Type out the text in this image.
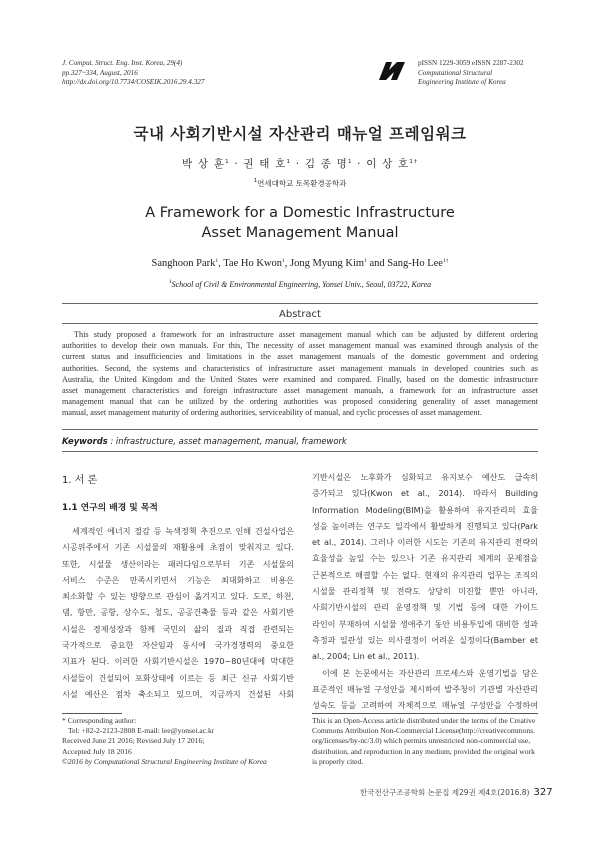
J. Comput. Struct. Eng. Inst. Korea, 29(4)
pp.327~334, August, 2016
http://dx.doi.org/10.7734/COSEIK.2016.29.4.327
pISSN 1229-3059 eISSN 2287-2302
Computational Structural
Engineering Institute of Korea
국내 사회기반시설 자산관리 매뉴얼 프레임워크
박 상 훈$^1$ · 권 태 호$^1$ · 김 종 명$^1$ · 이 상 호$^{1\dagger}$
$^1$연세대학교 토목환경공학과
A Framework for a Domestic Infrastructure
Asset Management Manual
Sanghoon Park$^1$, Tae Ho Kwon$^1$, Jong Myung Kim$^1$ and Sang-Ho Lee$^{1\dagger}$
$^1$School of Civil & Environmental Engineering, Yonsei Univ., Seoul, 03722, Korea
Abstract
This study proposed a framework for an infrastructure asset management manual which can be adjusted by different ordering
authorities to develop their own manuals. For this, The necessity of asset management manual was examined through analysis of the
current status and insufficiencies and limitations in the asset management manuals of the domestic government and ordering
authorities. Second, the systems and characteristics of infrastructure asset management manuals in developed countries such as
Australia, the United Kingdom and the United States were examined and compared. Finally, based on the domestic infrastructure
asset management characteristics and foreign infrastructure asset management manuals, a framework for an infrastructure asset
management manual that can be utilized by the ordering authorities was proposed considering generality of asset management
manual, asset management maturity of ordering authorities, serviceability of manual, and cyclic processes of asset management.
Keywords : infrastructure, asset management, manual, framework
1. 서 론
1.1 연구의 배경 및 목적
세계적인 에너지 절감 등 녹색정책 추진으로 인해 건설사업은
시공위주에서 기존 시설물의 재활용에 초점이 맞춰지고 있다.
또한, 시설물 생산이라는 패러다임으로부터 기존 시설물의
서비스 수준은 만족시키면서 기능은 최대화하고 비용은
최소화할 수 있는 방향으로 관심이 옮겨지고 있다. 도로, 하천,
댐, 항만, 공항, 상수도, 철도, 공공건축물 등과 같은 사회기반
시설은 경제성장과 함께 국민의 삶의 질과 직접 관련되는
국가적으로 중요한 자산임과 동시에 국가경쟁력의 중요한
지표가 된다. 이러한 사회기반시설은 1970~80년대에 막대한
시설들이 건설되어 포화상태에 이르는 등 최근 신규 사회기반
시설 예산은 점차 축소되고 있으며, 지금까지 건설된 사회
기반시설은 노후화가 심화되고 유지보수 예산도 급속히
증가되고 있다(Kwon et al., 2014). 따라서 Building
Information Modeling(BIM)을 활용하여 유지관리의 효율
성을 높이려는 연구도 일각에서 활발하게 진행되고 있다(Park
et al., 2014). 그러나 이러한 시도는 기존의 유지관리 전략의
효율성을 높일 수는 있으나 기존 유지관리 체계의 문제점을
근본적으로 해결할 수는 없다. 현재의 유지관리 업무는 조직의
시설물 관리정책 및 전략도 상당히 미진할 뿐만 아니라,
사회기반시설의 관리 운영정책 및 기법 등에 대한 가이드
라인이 부재하여 시설물 생애주기 동안 비용투입에 대비한 성과
측정과 일관성 있는 의사결정이 어려운 실정이다(Bamber et
al., 2004; Lin et al., 2011).
이에 본 논문에서는 자산관리 프로세스와 운영기법을 담은
표준적인 매뉴얼 구성안을 제시하여 발주청이 기관별 자산관리
성숙도 등을 고려하여 자체적으로 매뉴얼 구성안을 수정하여
* Corresponding author:
Tel: +82-2-2123-2808 E-mail: lee@yonsei.ac.kr
Received June 21 2016; Revised July 17 2016;
Accepted July 18 2016
©2016 by Computational Structural Engineering Institute of Korea
This is an Open-Access article distributed under the terms of the Creative
Commons Attribution Non-Commercial License(http://creativecommons.
org/licenses/by-nc/3.0) which permits unrestricted non-commercial use,
distribution, and reproduction in any medium, provided the original work
is properly cited.
한국전산구조공학회 논문집 제29권 제4호(2016.8) 327
